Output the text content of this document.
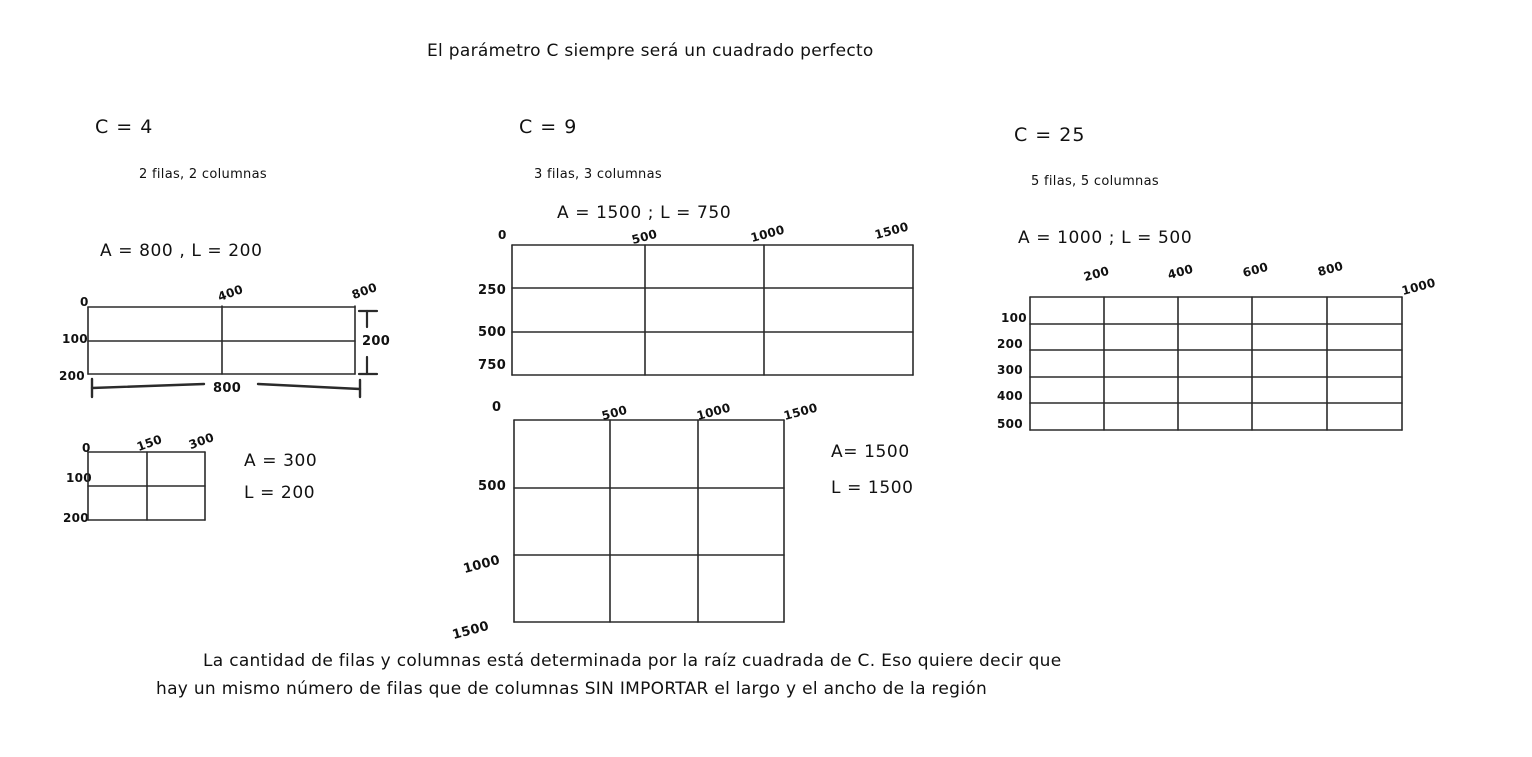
El parámetro C siempre será un cuadrado perfecto
C = 4
2 filas, 2 columnas
A = 800 , L = 200
0	400	800
100
200
800
200
0	150 300
100
200
A = 300
L = 200
C = 9
3 filas, 3 columnas
A = 1500 ; L = 750
0	500	1000	1500
250
500
750
0	500	1000	1500
500
1000
1500
A= 1500
L = 1500
C = 25
5 filas, 5 columnas
A = 1000 ; L = 500
200	400	600	800
1000
100
200
300
400
500
La cantidad de filas y columnas está determinada por la raíz cuadrada de C. Eso quiere decir que
hay un mismo número de filas que de columnas SIN IMPORTAR el largo y el ancho de la región
